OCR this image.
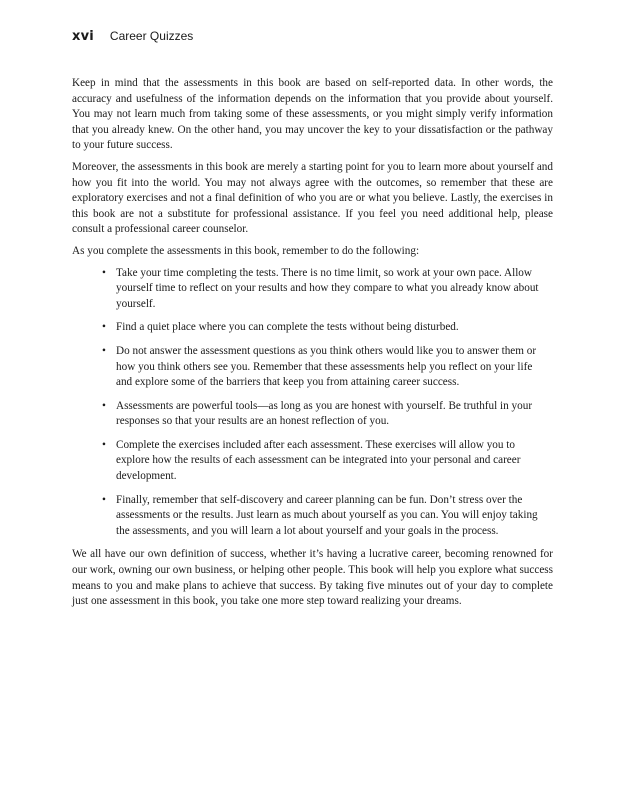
xvi Career Quizzes

Keep in mind that the assessments in this book are based on self-reported data. In other words, the accuracy and usefulness of the information depends on the information that you provide about yourself. You may not learn much from taking some of these assessments, or you might simply verify information that you already knew. On the other hand, you may uncover the key to your dissatisfaction or the pathway to your future success.

Moreover, the assessments in this book are merely a starting point for you to learn more about yourself and how you fit into the world. You may not always agree with the outcomes, so remember that these are exploratory exercises and not a final definition of who you are or what you believe. Lastly, the exercises in this book are not a substitute for professional assistance. If you feel you need additional help, please consult a professional career counselor.

As you complete the assessments in this book, remember to do the following:

• Take your time completing the tests. There is no time limit, so work at your own pace. Allow yourself time to reflect on your results and how they compare to what you already know about yourself.
• Find a quiet place where you can complete the tests without being disturbed.
• Do not answer the assessment questions as you think others would like you to answer them or how you think others see you. Remember that these assessments help you reflect on your life and explore some of the barriers that keep you from attaining career success.
• Assessments are powerful tools—as long as you are honest with yourself. Be truthful in your responses so that your results are an honest reflection of you.
• Complete the exercises included after each assessment. These exercises will allow you to explore how the results of each assessment can be integrated into your personal and career development.
• Finally, remember that self-discovery and career planning can be fun. Don’t stress over the assessments or the results. Just learn as much about yourself as you can. You will enjoy taking the assessments, and you will learn a lot about yourself and your goals in the process.

We all have our own definition of success, whether it’s having a lucrative career, becoming renowned for our work, owning our own business, or helping other people. This book will help you explore what success means to you and make plans to achieve that success. By taking five minutes out of your day to complete just one assessment in this book, you take one more step toward realizing your dreams.
